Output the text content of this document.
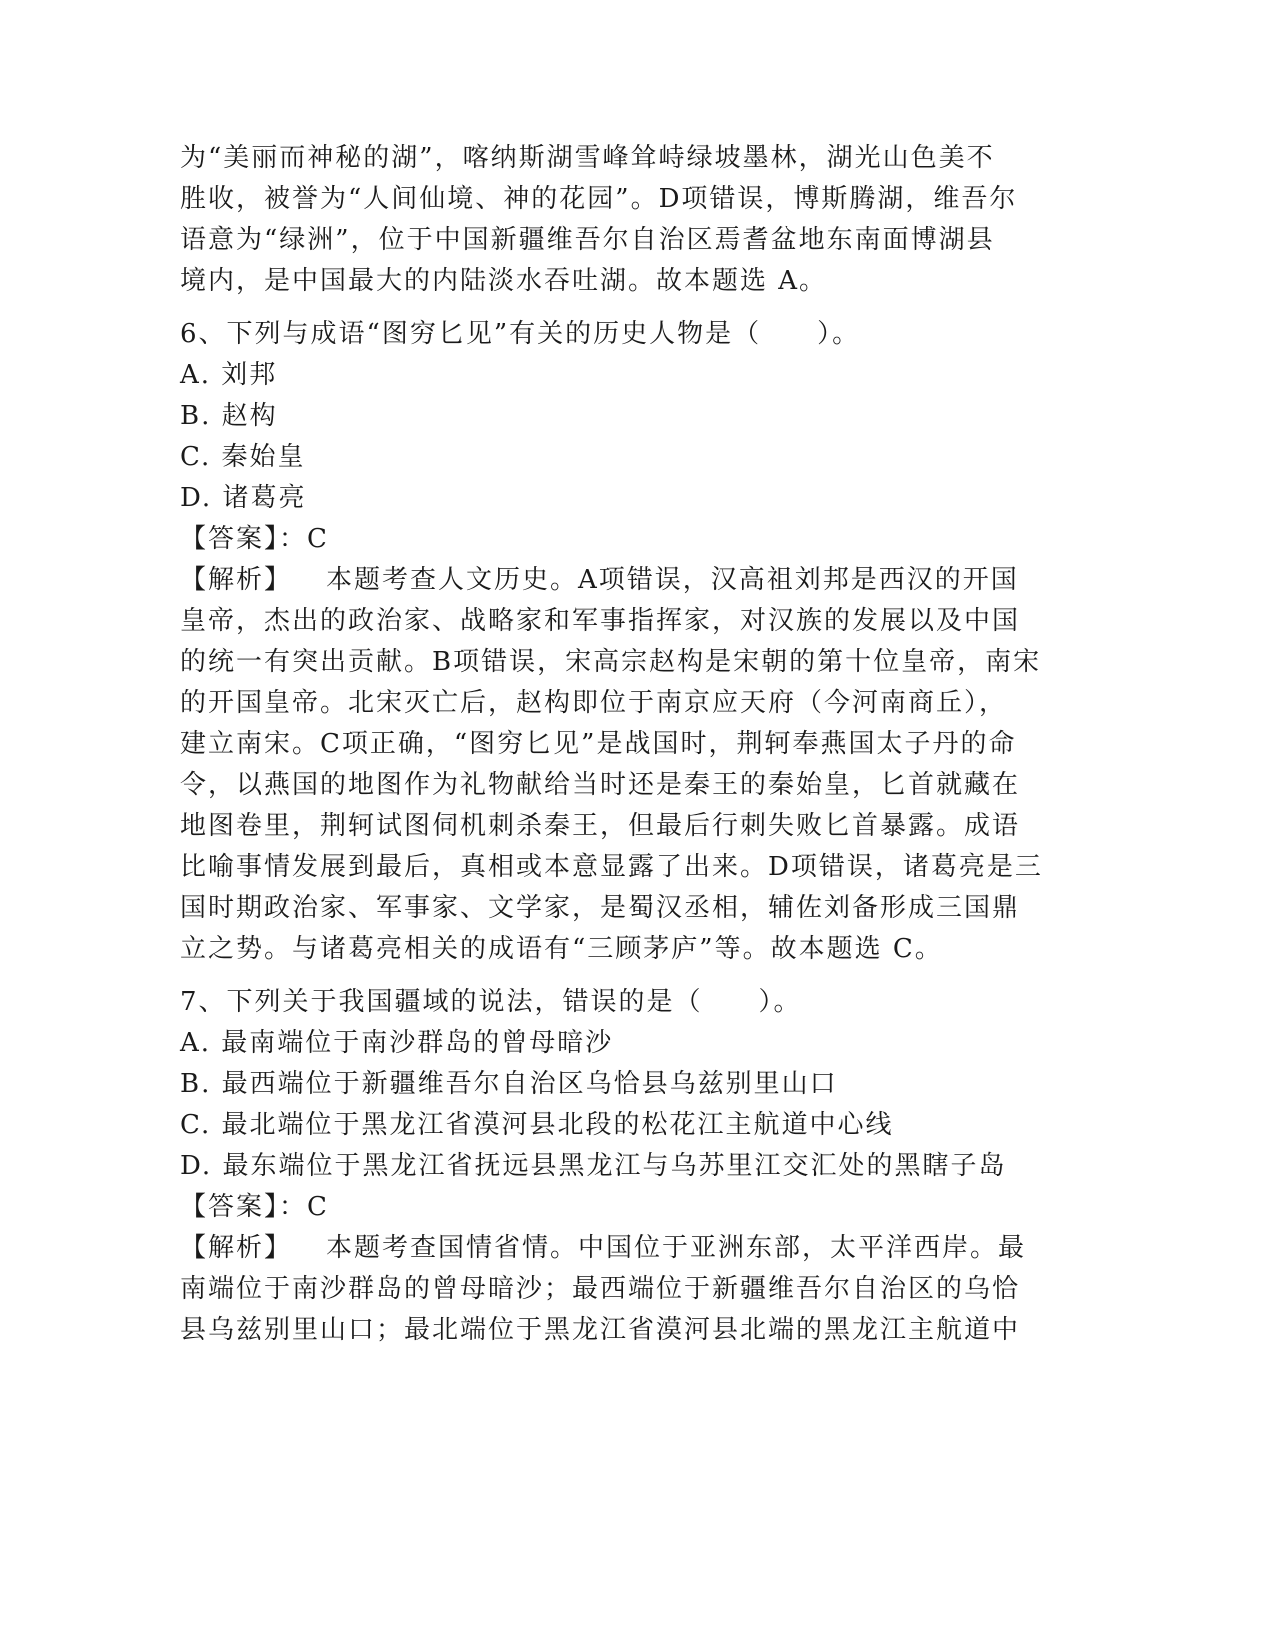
为“美丽而神秘的湖”，喀纳斯湖雪峰耸峙绿坡墨林，湖光山色美不
胜收，被誉为“人间仙境、神的花园”。D项错误，博斯腾湖，维吾尔
语意为“绿洲”，位于中国新疆维吾尔自治区焉耆盆地东南面博湖县
境内，是中国最大的内陆淡水吞吐湖。故本题选 A。
6、下列与成语“图穷匕见”有关的历史人物是（　　）。
A. 刘邦
B. 赵构
C. 秦始皇
D. 诸葛亮
【答案】：C
【解析】 本题考查人文历史。A项错误，汉高祖刘邦是西汉的开国
皇帝，杰出的政治家、战略家和军事指挥家，对汉族的发展以及中国
的统一有突出贡献。B项错误，宋高宗赵构是宋朝的第十位皇帝，南宋
的开国皇帝。北宋灭亡后，赵构即位于南京应天府（今河南商丘），
建立南宋。C项正确，“图穷匕见”是战国时，荆轲奉燕国太子丹的命
令，以燕国的地图作为礼物献给当时还是秦王的秦始皇，匕首就藏在
地图卷里，荆轲试图伺机刺杀秦王，但最后行刺失败匕首暴露。成语
比喻事情发展到最后，真相或本意显露了出来。D项错误，诸葛亮是三
国时期政治家、军事家、文学家，是蜀汉丞相，辅佐刘备形成三国鼎
立之势。与诸葛亮相关的成语有“三顾茅庐”等。故本题选 C。
7、下列关于我国疆域的说法，错误的是（　　）。
A. 最南端位于南沙群岛的曾母暗沙
B. 最西端位于新疆维吾尔自治区乌恰县乌兹别里山口
C. 最北端位于黑龙江省漠河县北段的松花江主航道中心线
D. 最东端位于黑龙江省抚远县黑龙江与乌苏里江交汇处的黑瞎子岛
【答案】：C
【解析】 本题考查国情省情。中国位于亚洲东部，太平洋西岸。最
南端位于南沙群岛的曾母暗沙；最西端位于新疆维吾尔自治区的乌恰
县乌兹别里山口；最北端位于黑龙江省漠河县北端的黑龙江主航道中
